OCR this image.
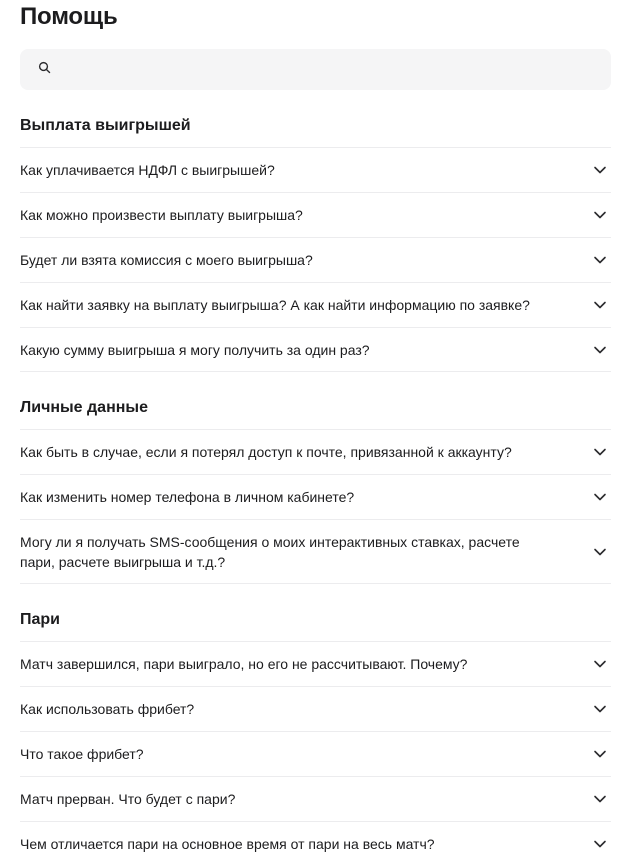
Помощь
Выплата выигрышей
Как уплачивается НДФЛ с выигрышей?
Как можно произвести выплату выигрыша?
Будет ли взята комиссия с моего выигрыша?
Как найти заявку на выплату выигрыша? А как найти информацию по заявке?
Какую сумму выигрыша я могу получить за один раз?
Личные данные
Как быть в случае, если я потерял доступ к почте, привязанной к аккаунту?
Как изменить номер телефона в личном кабинете?
Могу ли я получать SMS-сообщения о моих интерактивных ставках, расчете пари, расчете выигрыша и т.д.?
Пари
Матч завершился, пари выиграло, но его не рассчитывают. Почему?
Как использовать фрибет?
Что такое фрибет?
Матч прерван. Что будет с пари?
Чем отличается пари на основное время от пари на весь матч?
